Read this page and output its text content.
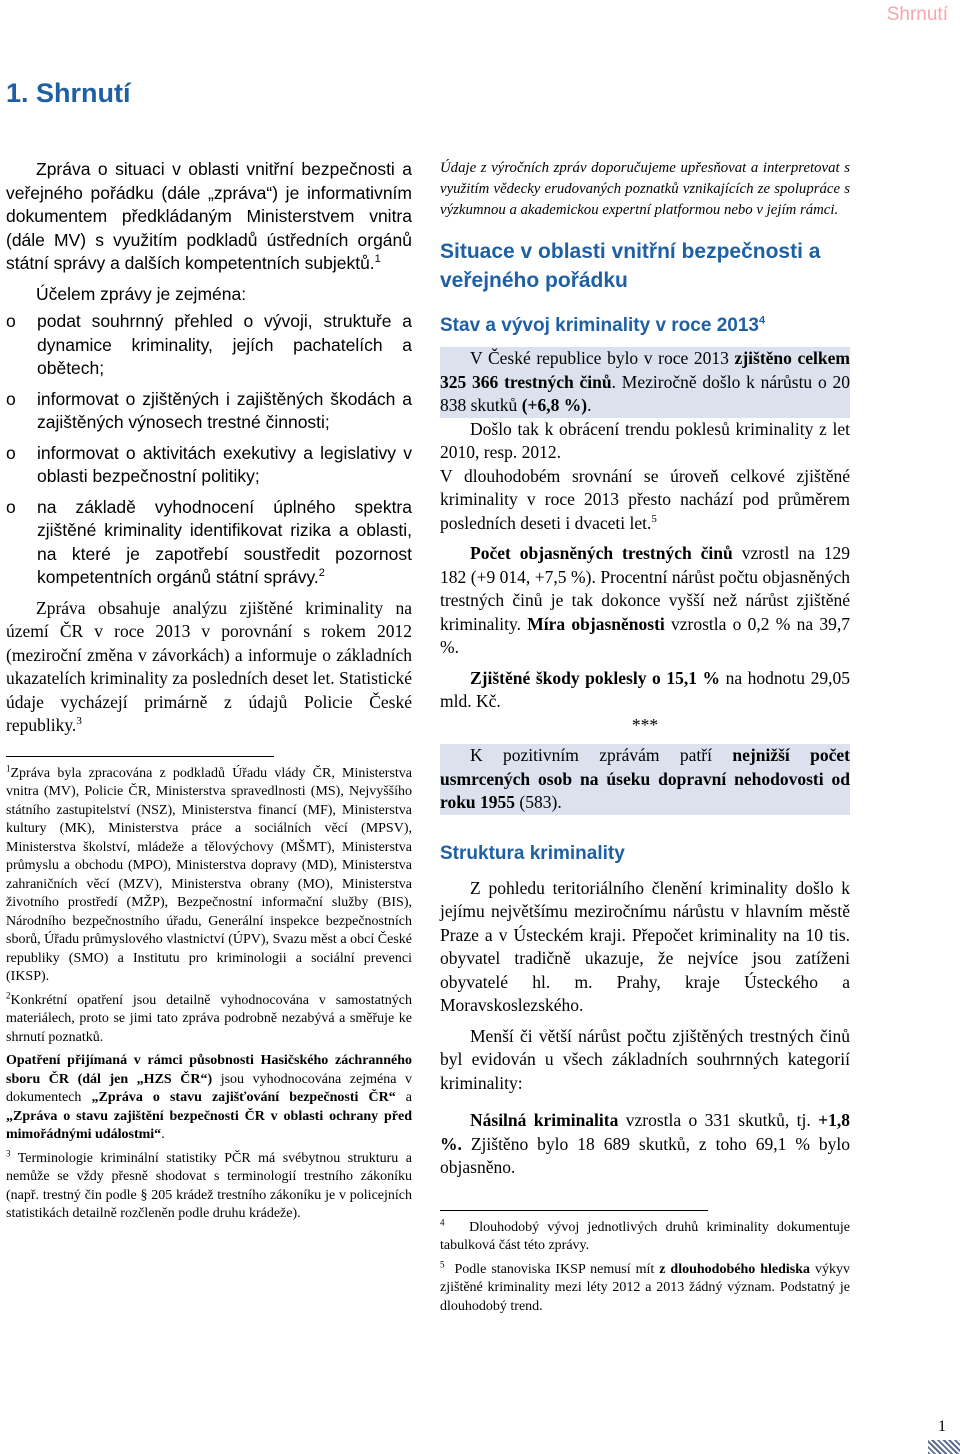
Shrnutí
1. Shrnutí

Zpráva o situaci v oblasti vnitřní bezpečnosti a veřejného pořádku (dále „zpráva“) je informativním dokumentem předkládaným Ministerstvem vnitra (dále MV) s využitím podkladů ústředních orgánů státní správy a dalších kompetentních subjektů.$^1$

Účelem zprávy je zejména:

o podat souhrnný přehled o vývoji, struktuře a dynamice kriminality, jejích pachatelích a obětech;
o informovat o zjištěných i zajištěných škodách a zajištěných výnosech trestné činnosti;
o informovat o aktivitách exekutivy a legislativy v oblasti bezpečnostní politiky;
o na základě vyhodnocení úplného spektra zjištěné kriminality identifikovat rizika a oblasti, na které je zapotřebí soustředit pozornost kompetentních orgánů státní správy.$^2$

Zpráva obsahuje analýzu zjištěné kriminality na území ČR v roce 2013 v porovnání s rokem 2012 (meziroční změna v závorkách) a informuje o základních ukazatelích kriminality za posledních deset let. Statistické údaje vycházejí primárně z údajů Policie České republiky.$^3$

$^1$Zpráva byla zpracována z podkladů Úřadu vlády ČR, Ministerstva vnitra (MV), Policie ČR, Ministerstva spravedlnosti (MS), Nejvyššího státního zastupitelství (NSZ), Ministerstva financí (MF), Ministerstva kultury (MK), Ministerstva práce a sociálních věcí (MPSV), Ministerstva školství, mládeže a tělovýchovy (MŠMT), Ministerstva průmyslu a obchodu (MPO), Ministerstva dopravy (MD), Ministerstva zahraničních věcí (MZV), Ministerstva obrany (MO), Ministerstva životního prostředí (MŽP), Bezpečnostní informační služby (BIS), Národního bezpečnostního úřadu, Generální inspekce bezpečnostních sborů, Úřadu průmyslového vlastnictví (ÚPV), Svazu měst a obcí České republiky (SMO) a Institutu pro kriminologii a sociální prevenci (IKSP).

$^2$Konkrétní opatření jsou detailně vyhodnocována v samostatných materiálech, proto se jimi tato zpráva podrobně nezabývá a směřuje ke shrnutí poznatků.

Opatření přijímaná v rámci působnosti Hasičského záchranného sboru ČR (dál jen „HZS ČR“) jsou vyhodnocována zejména v dokumentech „Zpráva o stavu zajišťování bezpečnosti ČR“ a „Zpráva o stavu zajištění bezpečnosti ČR v oblasti ochrany před mimořádnými událostmi“.

$^3$ Terminologie kriminální statistiky PČR má svébytnou strukturu a nemůže se vždy přesně shodovat s terminologií trestního zákoníku (např. trestný čin podle § 205 krádež trestního zákoníku je v policejních statistikách detailně rozčleněn podle druhu krádeže).

Údaje z výročních zpráv doporučujeme upřesňovat a interpretovat s využitím vědecky erudovaných poznatků vznikajících ze spolupráce s výzkumnou a akademickou expertní platformou nebo v jejím rámci.

Situace v oblasti vnitřní bezpečnosti a veřejného pořádku
Stav a vývoj kriminality v roce 2013$^4$

V České republice bylo v roce 2013 zjištěno celkem 325 366 trestných činů. Meziročně došlo k nárůstu o 20 838 skutků (+6,8 %).

Došlo tak k obrácení trendu poklesů kriminality z let 2010, resp. 2012.

V dlouhodobém srovnání se úroveň celkové zjištěné kriminality v roce 2013 přesto nachází pod průměrem posledních deseti i dvaceti let.$^5$

Počet objasněných trestných činů vzrostl na 129 182 (+9 014, +7,5 %). Procentní nárůst počtu objasněných trestných činů je tak dokonce vyšší než nárůst zjištěné kriminality. Míra objasněnosti vzrostla o 0,2 % na 39,7 %.

Zjištěné škody poklesly o 15,1 % na hodnotu 29,05 mld. Kč.

***

K pozitivním zprávám patří nejnižší počet usmrcených osob na úseku dopravní nehodovosti od roku 1955 (583).

Struktura kriminality

Z pohledu teritoriálního členění kriminality došlo k jejímu největšímu meziročnímu nárůstu v hlavním městě Praze a v Ústeckém kraji. Přepočet kriminality na 10 tis. obyvatel tradičně ukazuje, že nejvíce jsou zatíženi obyvatelé hl. m. Prahy, kraje Ústeckého a Moravskoslezského.

Menší či větší nárůst počtu zjištěných trestných činů byl evidován u všech základních souhrnných kategorií kriminality:

Násilná kriminalita vzrostla o 331 skutků, tj. +1,8 %. Zjištěno bylo 18 689 skutků, z toho 69,1 % bylo objasněno.

$^4$ Dlouhodobý vývoj jednotlivých druhů kriminality dokumentuje tabulková část této zprávy.

$^5$ Podle stanoviska IKSP nemusí mít z dlouhodobého hlediska výkyv zjištěné kriminality mezi léty 2012 a 2013 žádný význam. Podstatný je dlouhodobý trend.

1
